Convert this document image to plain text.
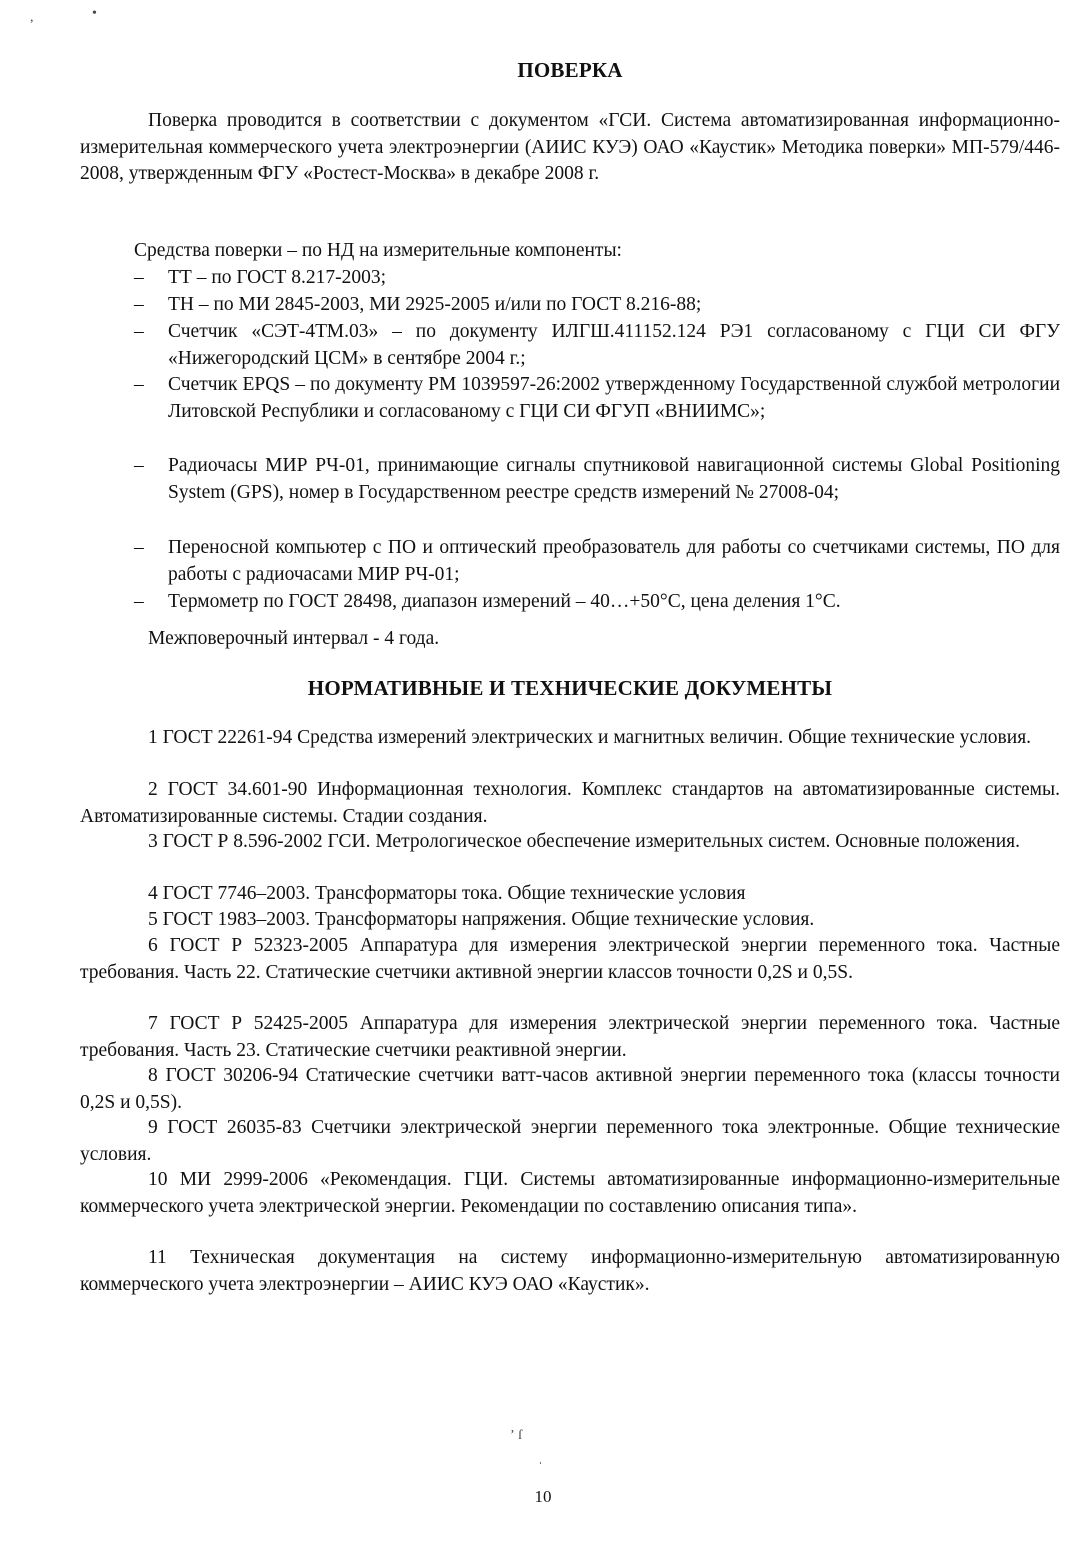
,	•
ПОВЕРКА
Поверка проводится в соответствии с документом «ГСИ. Система автоматизированная информационно-измерительная коммерческого учета электроэнергии (АИИС КУЭ) ОАО «Каустик» Методика поверки» МП-579/446-2008, утвержденным ФГУ «Ростест-Москва» в декабре 2008 г.
Средства поверки – по НД на измерительные компоненты:
– ТТ – по ГОСТ 8.217-2003;
– ТН – по МИ 2845-2003, МИ 2925-2005 и/или по ГОСТ 8.216-88;
– Счетчик «СЭТ-4ТМ.03» – по документу ИЛГШ.411152.124 РЭ1 согласованому с ГЦИ СИ ФГУ «Нижегородский ЦСМ» в сентябре 2004 г.;
– Счетчик EPQS – по документу РМ 1039597-26:2002 утвержденному Государственной службой метрологии Литовской Республики и согласованому с ГЦИ СИ ФГУП «ВНИИМС»;
– Радиочасы МИР РЧ-01, принимающие сигналы спутниковой навигационной системы Global Positioning System (GPS), номер в Государственном реестре средств измерений № 27008-04;
– Переносной компьютер с ПО и оптический преобразователь для работы со счетчиками системы, ПО для работы с радиочасами МИР РЧ-01;
– Термометр по ГОСТ 28498, диапазон измерений – 40…+50°С, цена деления 1°С.
Межповерочный интервал - 4 года.
НОРМАТИВНЫЕ И ТЕХНИЧЕСКИЕ ДОКУМЕНТЫ
1 ГОСТ 22261-94 Средства измерений электрических и магнитных величин. Общие технические условия.
2 ГОСТ 34.601-90 Информационная технология. Комплекс стандартов на автоматизированные системы. Автоматизированные системы. Стадии создания.
3 ГОСТ Р 8.596-2002 ГСИ. Метрологическое обеспечение измерительных систем. Основные положения.
4 ГОСТ 7746–2003. Трансформаторы тока. Общие технические условия
5 ГОСТ 1983–2003. Трансформаторы напряжения. Общие технические условия.
6 ГОСТ Р 52323-2005 Аппаратура для измерения электрической энергии переменного тока. Частные требования. Часть 22. Статические счетчики активной энергии классов точности 0,2S и 0,5S.
7 ГОСТ Р 52425-2005 Аппаратура для измерения электрической энергии переменного тока. Частные требования. Часть 23. Статические счетчики реактивной энергии.
8 ГОСТ 30206-94 Статические счетчики ватт-часов активной энергии переменного тока (классы точности 0,2S и 0,5S).
9 ГОСТ 26035-83 Счетчики электрической энергии переменного тока электронные. Общие технические условия.
10 МИ 2999-2006 «Рекомендация. ГЦИ. Системы автоматизированные информационно-измерительные коммерческого учета электрической энергии. Рекомендации по составлению описания типа».
11 Техническая документация на систему информационно-измерительную автоматизированную коммерческого учета электроэнергии – АИИС КУЭ ОАО «Каустик».
ʼ ſ
ˌ
10
